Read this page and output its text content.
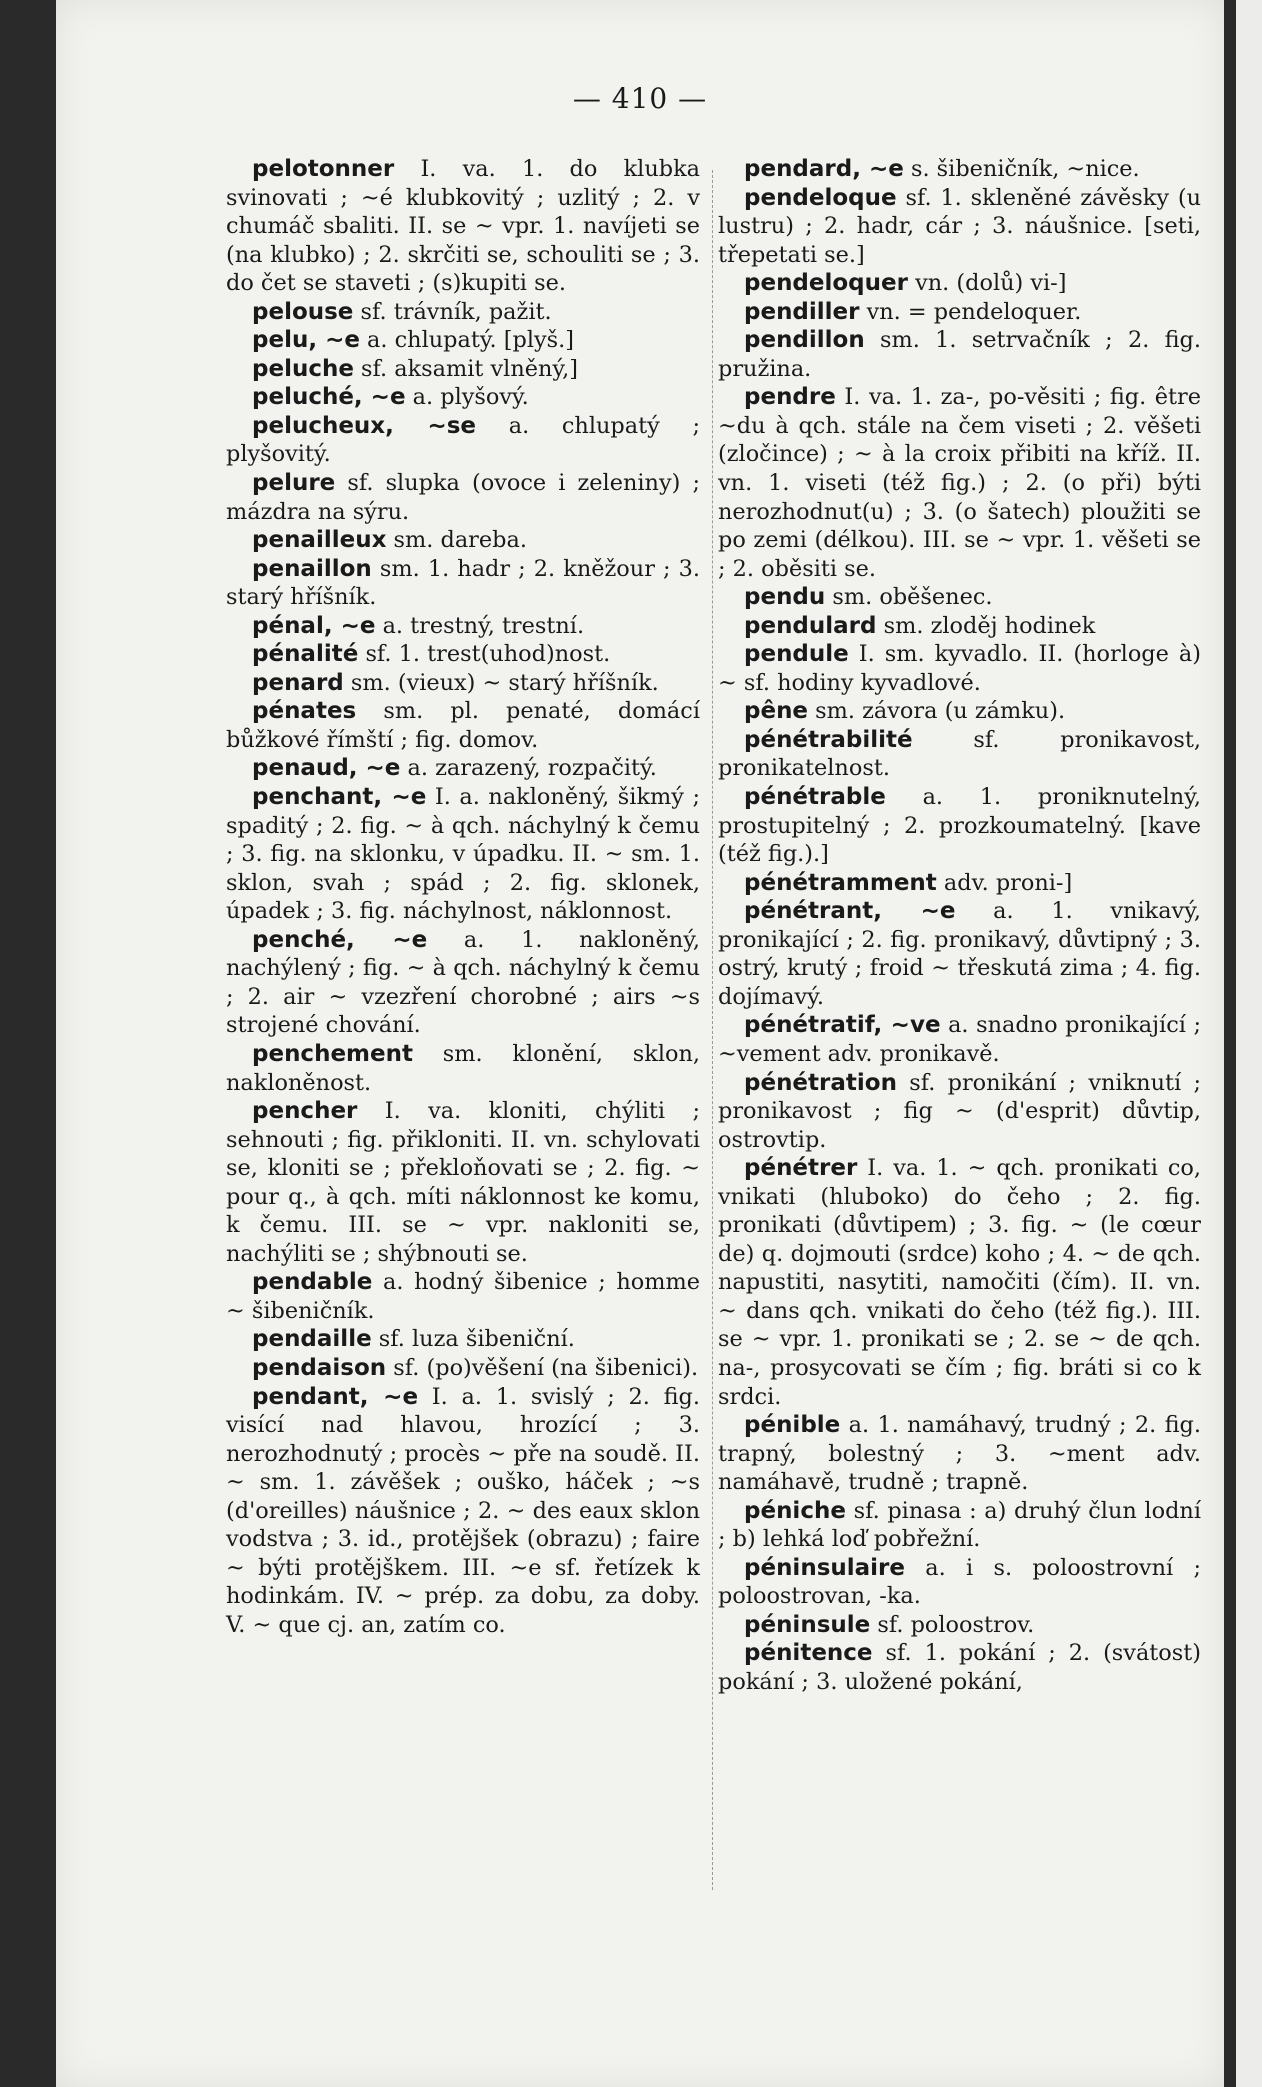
— 410 —

pelotonner I. va. 1. do klubka svinovati ; ~é klubkovitý ; uzlitý ; 2. v chumáč sbaliti. II. se ~ vpr. 1. navíjeti se (na klubko) ; 2. skrčiti se, schouliti se ; 3. do čet se staveti ; (s)kupiti se.

pelouse sf. trávník, pažit.

pelu, ~e a. chlupatý. [plyš.]

peluche sf. aksamit vlněný,]

peluché, ~e a. plyšový.

pelucheux, ~se a. chlupatý ; plyšovitý.

pelure sf. slupka (ovoce i zeleniny) ; mázdra na sýru.

penailleux sm. dareba.

penaillon sm. 1. hadr ; 2. kněžour ; 3. starý hříšník.

pénal, ~e a. trestný, trestní.

pénalité sf. 1. trest(uhod)nost.

penard sm. (vieux) ~ starý hříšník.

pénates sm. pl. penaté, domácí bůžkové římští ; fig. domov.

penaud, ~e a. zarazený, rozpačitý.

penchant, ~e I. a. nakloněný, šikmý ; spaditý ; 2. fig. ~ à qch. náchylný k čemu ; 3. fig. na sklonku, v úpadku. II. ~ sm. 1. sklon, svah ; spád ; 2. fig. sklonek, úpadek ; 3. fig. náchylnost, náklonnost.

penché, ~e a. 1. nakloněný, nachýlený ; fig. ~ à qch. náchylný k čemu ; 2. air ~ vzezření chorobné ; airs ~s strojené chování.

penchement sm. klonění, sklon, nakloněnost.

pencher I. va. kloniti, chýliti ; sehnouti ; fig. přikloniti. II. vn. schylovati se, kloniti se ; překloňovati se ; 2. fig. ~ pour q., à qch. míti náklonnost ke komu, k čemu. III. se ~ vpr. nakloniti se, nachýliti se ; shýbnouti se.

pendable a. hodný šibenice ; homme ~ šibeničník.

pendaille sf. luza šibeniční.

pendaison sf. (po)věšení (na šibenici).

pendant, ~e I. a. 1. svislý ; 2. fig. visící nad hlavou, hrozící ; 3. nerozhodnutý ; procès ~ pře na soudě. II. ~ sm. 1. závěšek ; ouško, háček ; ~s (d'oreilles) náušnice ; 2. ~ des eaux sklon vodstva ; 3. id., protějšek (obrazu) ; faire ~ býti protějškem. III. ~e sf. řetízek k hodinkám. IV. ~ prép. za dobu, za doby. V. ~ que cj. an, zatím co.

pendard, ~e s. šibeničník, ~nice.

pendeloque sf. 1. skleněné závěsky (u lustru) ; 2. hadr, cár ; 3. náušnice. [seti, třepetati se.]

pendeloquer vn. (dolů) vi-]

pendiller vn. = pendeloquer.

pendillon sm. 1. setrvačník ; 2. fig. pružina.

pendre I. va. 1. za-, po-věsiti ; fig. être ~du à qch. stále na čem viseti ; 2. věšeti (zločince) ; ~ à la croix přibiti na kříž. II. vn. 1. viseti (též fig.) ; 2. (o při) býti nerozhodnut(u) ; 3. (o šatech) ploužiti se po zemi (délkou). III. se ~ vpr. 1. věšeti se ; 2. oběsiti se.

pendu sm. oběšenec.

pendulard sm. zloděj hodinek

pendule I. sm. kyvadlo. II. (horloge à) ~ sf. hodiny kyvadlové.

pêne sm. závora (u zámku).

pénétrabilité sf. pronikavost, pronikatelnost.

pénétrable a. 1. proniknutelný, prostupitelný ; 2. prozkoumatelný. [kave (též fig.).]

pénétramment adv. proni-]

pénétrant, ~e a. 1. vnikavý, pronikající ; 2. fig. pronikavý, důvtipný ; 3. ostrý, krutý ; froid ~ třeskutá zima ; 4. fig. dojímavý.

pénétratif, ~ve a. snadno pronikající ; ~vement adv. pronikavě.

pénétration sf. pronikání ; vniknutí ; pronikavost ; fig ~ (d'esprit) důvtip, ostrovtip.

pénétrer I. va. 1. ~ qch. pronikati co, vnikati (hluboko) do čeho ; 2. fig. pronikati (důvtipem) ; 3. fig. ~ (le cœur de) q. dojmouti (srdce) koho ; 4. ~ de qch. napustiti, nasytiti, namočiti (čím). II. vn. ~ dans qch. vnikati do čeho (též fig.). III. se ~ vpr. 1. pronikati se ; 2. se ~ de qch. na-, prosycovati se čím ; fig. bráti si co k srdci.

pénible a. 1. namáhavý, trudný ; 2. fig. trapný, bolestný ; 3. ~ment adv. namáhavě, trudně ; trapně.

péniche sf. pinasa : a) druhý člun lodní ; b) lehká loď pobřežní.

péninsulaire a. i s. poloostrovní ; poloostrovan, -ka.

péninsule sf. poloostrov.

pénitence sf. 1. pokání ; 2. (svátost) pokání ; 3. uložené pokání,
